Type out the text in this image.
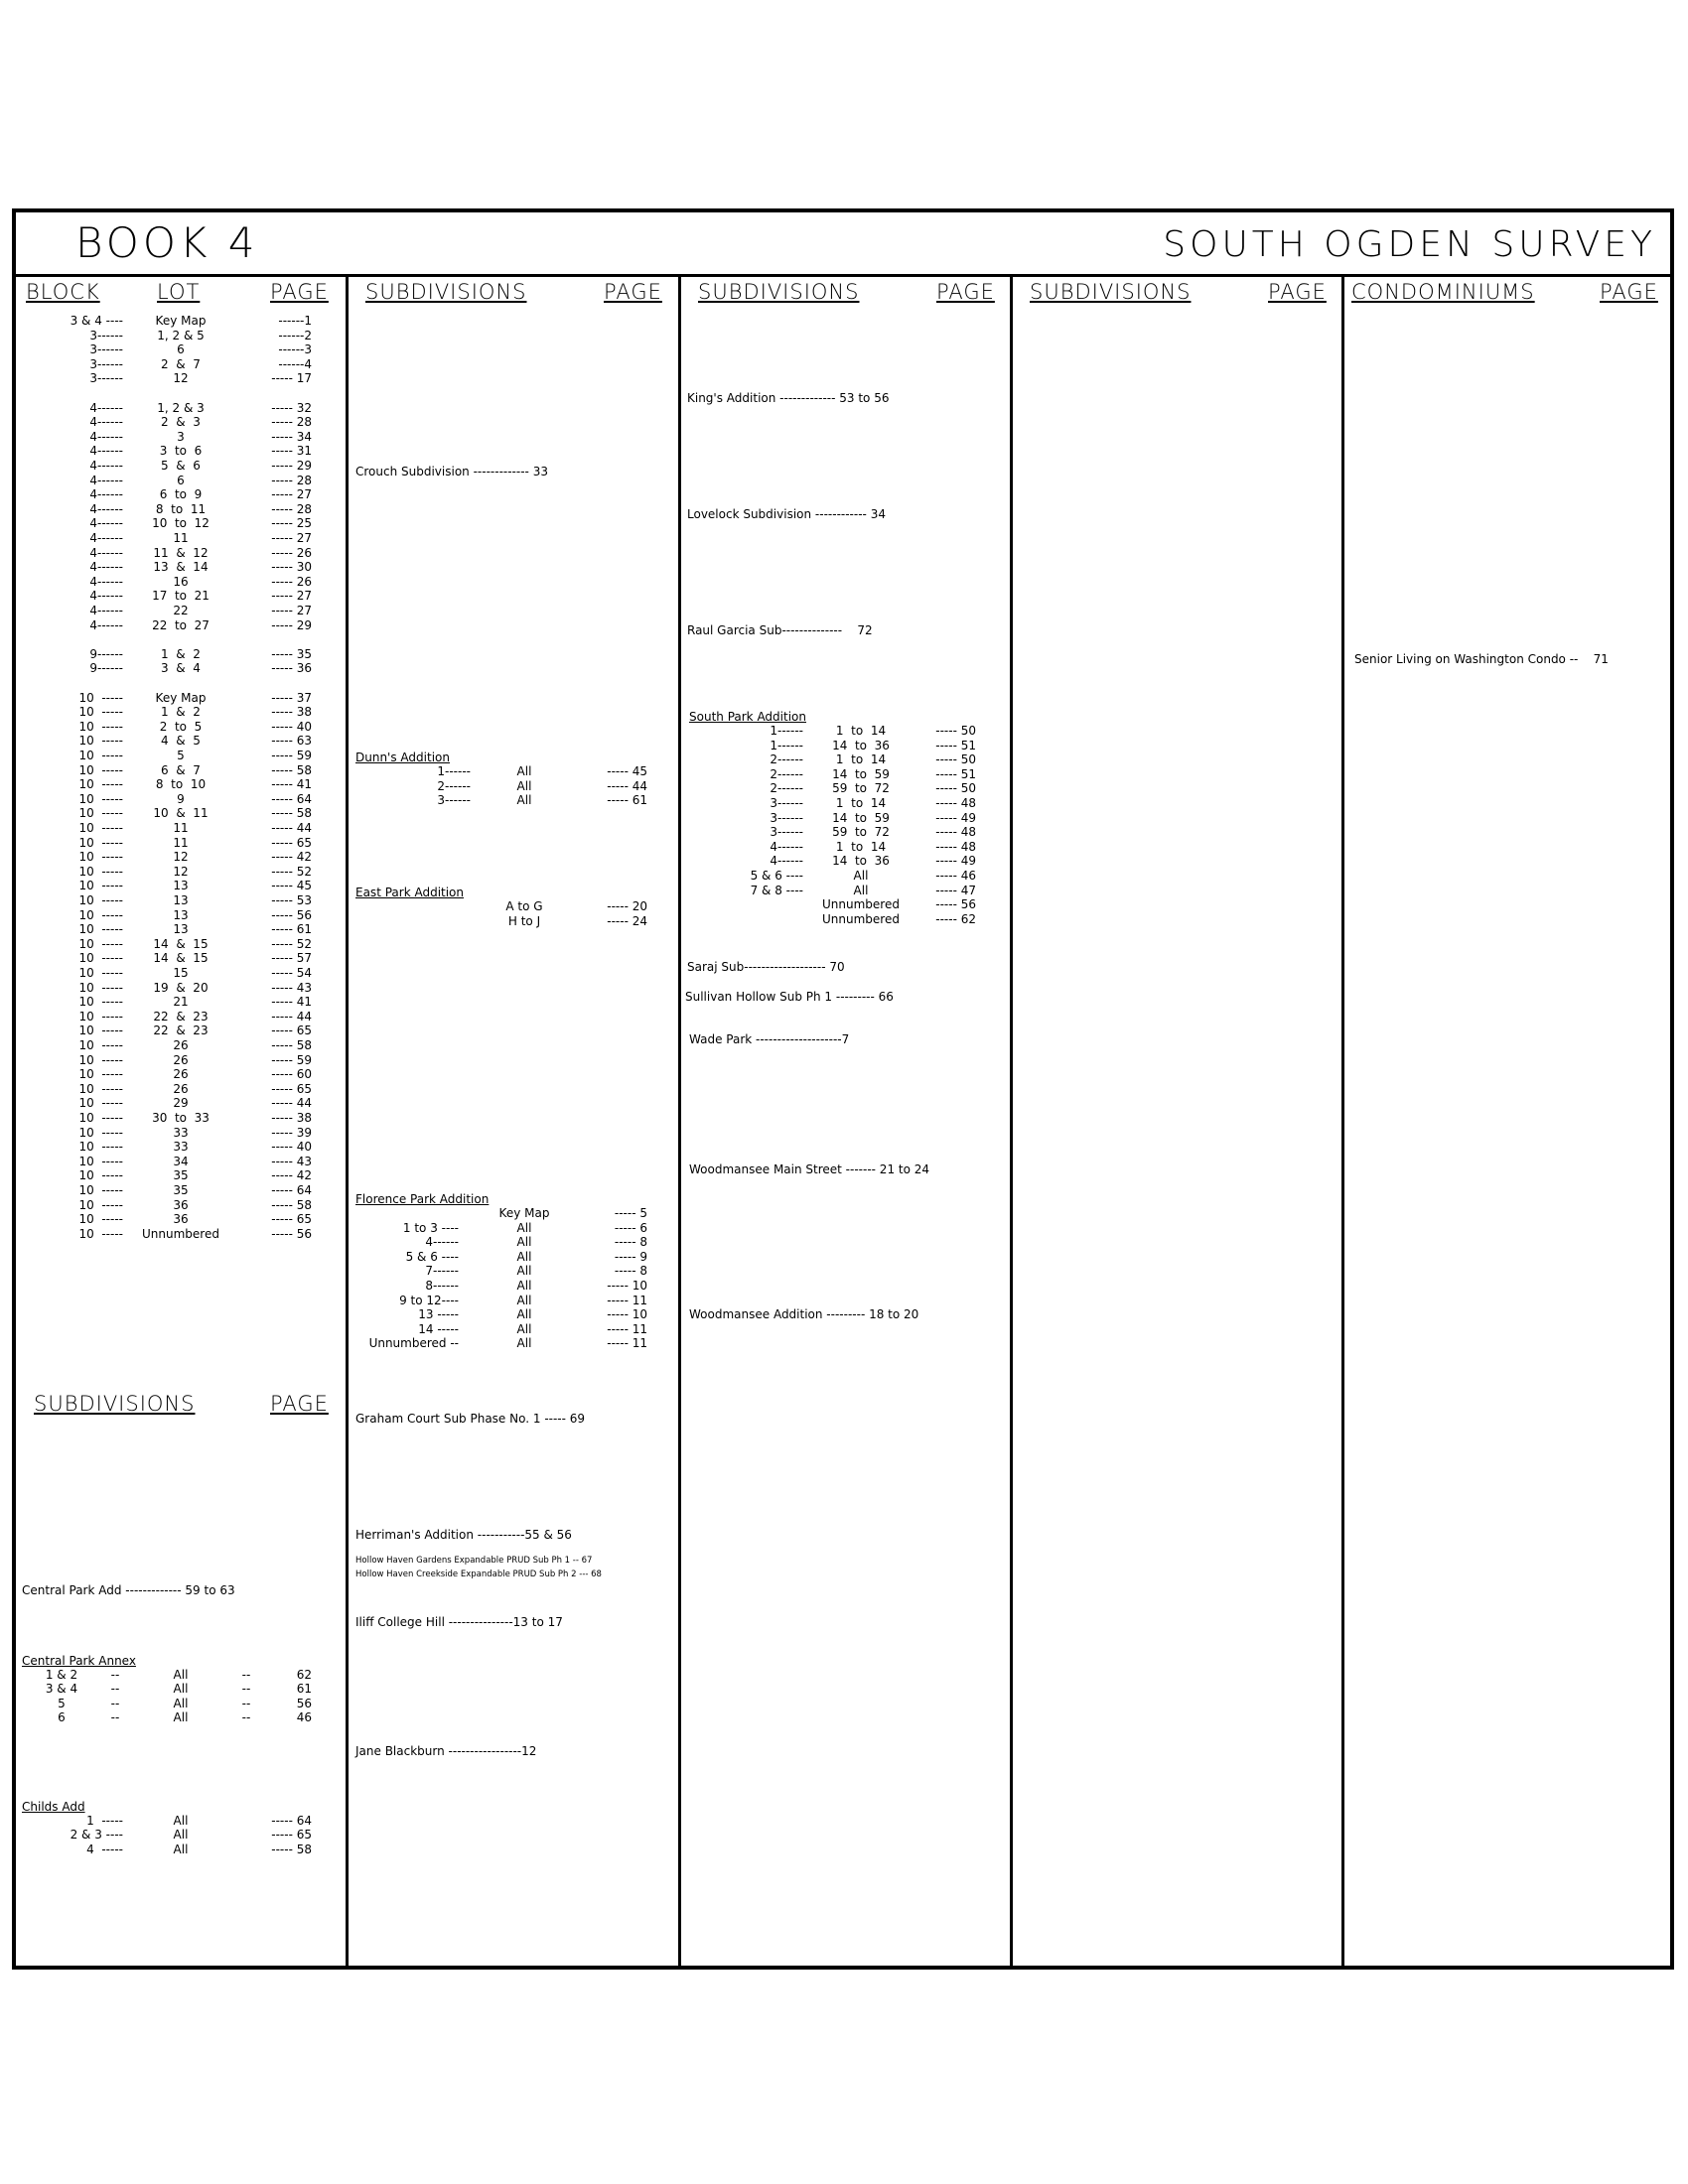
BOOK 4	SOUTH OGDEN SURVEY
BLOCK	LOT	PAGE
3 & 4 ----	Key Map	------1
3------	1, 2 & 5	------2
3------	6	------3
3------	2  &  7	------4
3------	12	----- 17
4------	1, 2 & 3	----- 32
4------	2  &  3	----- 28
4------	3	----- 34
4------	3  to  6	----- 31
4------	5  &  6	----- 29
4------	6	----- 28
4------	6  to  9	----- 27
4------	8  to  11	----- 28
4------	10  to  12	----- 25
4------	11	----- 27
4------	11  &  12	----- 26
4------	13  &  14	----- 30
4------	16	----- 26
4------	17  to  21	----- 27
4------	22	----- 27
4------	22  to  27	----- 29
9------	1  &  2	----- 35
9------	3  &  4	----- 36
10  -----	Key Map	----- 37
10  -----	1  &  2	----- 38
10  -----	2  to  5	----- 40
10  -----	4  &  5	----- 63
10  -----	5	----- 59
10  -----	6  &  7	----- 58
10  -----	8  to  10	----- 41
10  -----	9	----- 64
10  -----	10  &  11	----- 58
10  -----	11	----- 44
10  -----	11	----- 65
10  -----	12	----- 42
10  -----	12	----- 52
10  -----	13	----- 45
10  -----	13	----- 53
10  -----	13	----- 56
10  -----	13	----- 61
10  -----	14  &  15	----- 52
10  -----	14  &  15	----- 57
10  -----	15	----- 54
10  -----	19  &  20	----- 43
10  -----	21	----- 41
10  -----	22  &  23	----- 44
10  -----	22  &  23	----- 65
10  -----	26	----- 58
10  -----	26	----- 59
10  -----	26	----- 60
10  -----	26	----- 65
10  -----	29	----- 44
10  -----	30  to  33	----- 38
10  -----	33	----- 39
10  -----	33	----- 40
10  -----	34	----- 43
10  -----	35	----- 42
10  -----	35	----- 64
10  -----	36	----- 58
10  -----	36	----- 65
10  -----	Unnumbered	----- 56
SUBDIVISIONS	PAGE
Central Park Add ------------- 59 to 63
Central Park Annex
1 & 2	--	All	--	62
3 & 4	--	All	--	61
5	--	All	--	56
6	--	All	--	46
Childs Add
1  -----	All	----- 64
2 & 3 ----	All	----- 65
4  -----	All	----- 58
SUBDIVISIONS	PAGE
Crouch Subdivision ------------- 33
Dunn's Addition
1------	All	----- 45
2------	All	----- 44
3------	All	----- 61
East Park Addition
A to G	----- 20
H to J	----- 24
Florence Park Addition
Key Map	----- 5
1 to 3 ----	All	----- 6
4------	All	----- 8
5 & 6 ----	All	----- 9
7------	All	----- 8
8------	All	----- 10
9 to 12----	All	----- 11
13 -----	All	----- 10
14 -----	All	----- 11
Unnumbered --	All	----- 11
Graham Court Sub Phase No. 1 ----- 69
Herriman's Addition -----------55 & 56
Hollow Haven Gardens Expandable PRUD Sub Ph 1 -- 67
Hollow Haven Creekside Expandable PRUD Sub Ph 2 --- 68
Iliff College Hill ---------------13 to 17
Jane Blackburn -----------------12
SUBDIVISIONS	PAGE
King's Addition ------------- 53 to 56
Lovelock Subdivision ------------ 34
Raul Garcia Sub--------------    72
South Park Addition
1------	1  to  14	----- 50
1------	14  to  36	----- 51
2------	1  to  14	----- 50
2------	14  to  59	----- 51
2------	59  to  72	----- 50
3------	1  to  14	----- 48
3------	14  to  59	----- 49
3------	59  to  72	----- 48
4------	1  to  14	----- 48
4------	14  to  36	----- 49
5 & 6 ----	All	----- 46
7 & 8 ----	All	----- 47
Unnumbered	----- 56
Unnumbered	----- 62
Saraj Sub------------------- 70
Sullivan Hollow Sub Ph 1 --------- 66
Wade Park --------------------7
Woodmansee Main Street ------- 21 to 24
Woodmansee Addition --------- 18 to 20
SUBDIVISIONS	PAGE CONDOMINIUMS	PAGE
Senior Living on Washington Condo --    71
